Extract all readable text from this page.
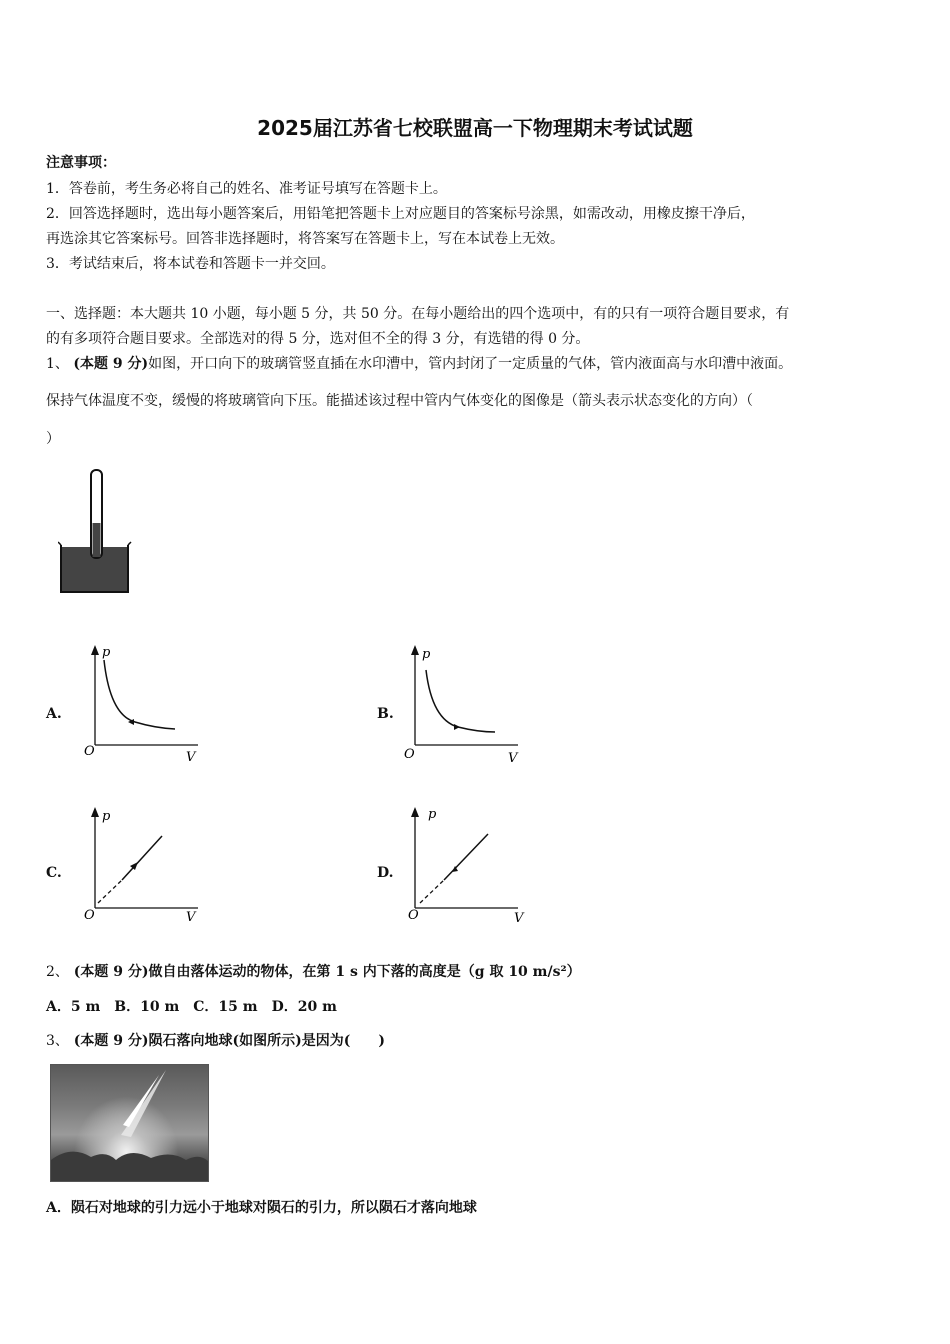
2025届江苏省七校联盟高一下物理期末考试试题
注意事项：
1．答卷前，考生务必将自己的姓名、准考证号填写在答题卡上。
2．回答选择题时，选出每小题答案后，用铅笔把答题卡上对应题目的答案标号涂黑，如需改动，用橡皮擦干净后，
再选涂其它答案标号。回答非选择题时，将答案写在答题卡上，写在本试卷上无效。
3．考试结束后，将本试卷和答题卡一并交回。
一、选择题：本大题共 10 小题，每小题 5 分，共 50 分。在每小题给出的四个选项中，有的只有一项符合题目要求，有
的有多项符合题目要求。全部选对的得 5 分，选对但不全的得 3 分，有选错的得 0 分。
1、 (本题 9 分)如图，开口向下的玻璃管竖直插在水印漕中，管内封闭了一定质量的气体，管内液面高与水印漕中液面。
保持气体温度不变，缓慢的将玻璃管向下压。能描述该过程中管内气体变化的图像是（箭头表示状态变化的方向）（
）
A.
p
V
O
B.
p
V
O
C.
p
V
O
D.
p
V
O
2、 (本题 9 分)做自由落体运动的物体，在第 1 s 内下落的高度是（g 取 10 m/s²）
A．5 m　B．10 m　C．15 m　D．20 m
3、 (本题 9 分)陨石落向地球(如图所示)是因为(　　)
A．陨石对地球的引力远小于地球对陨石的引力，所以陨石才落向地球
